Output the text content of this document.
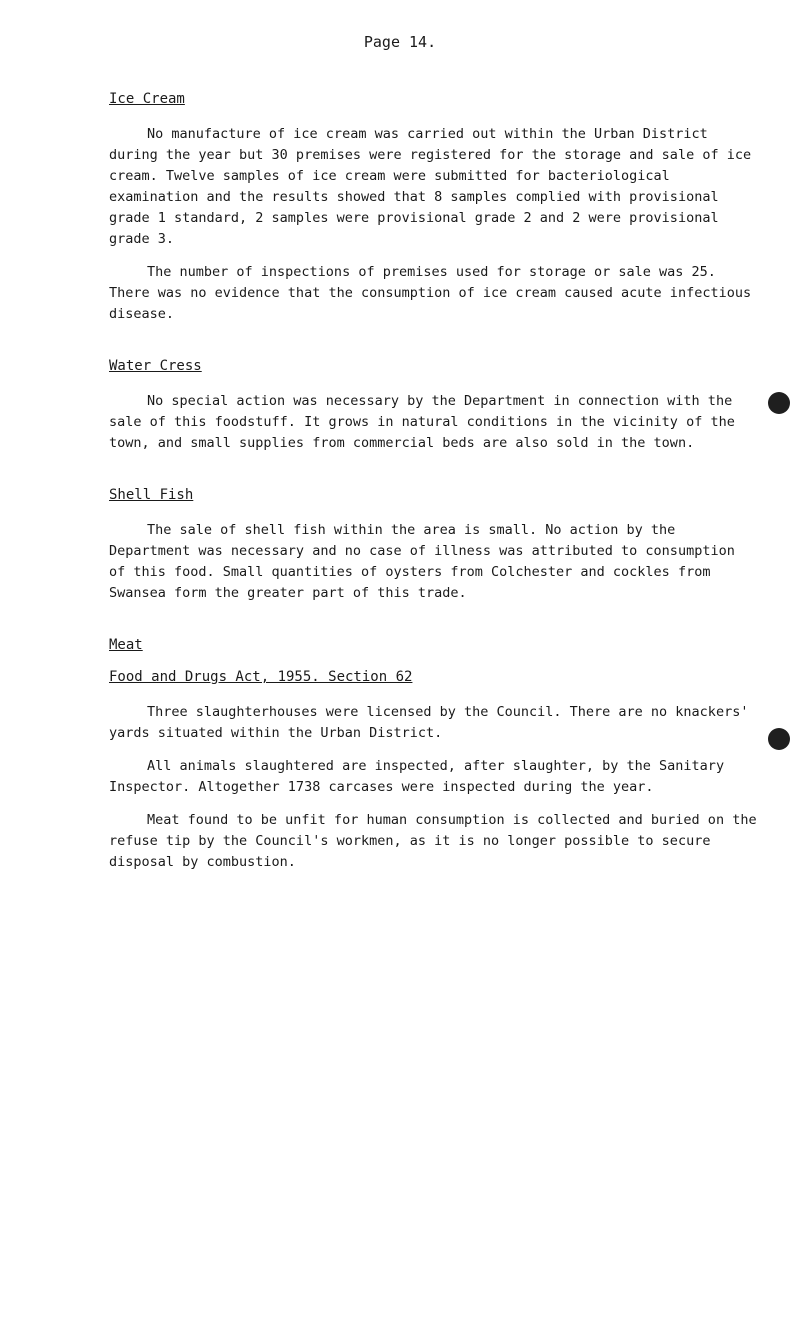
Page 14.

Ice Cream

No manufacture of ice cream was carried out within the Urban District during the year but 30 premises were registered for the storage and sale of ice cream. Twelve samples of ice cream were submitted for bacteriological examination and the results showed that 8 samples complied with provisional grade 1 standard, 2 samples were provisional grade 2 and 2 were provisional grade 3.

The number of inspections of premises used for storage or sale was 25. There was no evidence that the consumption of ice cream caused acute infectious disease.

Water Cress

No special action was necessary by the Department in connection with the sale of this foodstuff. It grows in natural conditions in the vicinity of the town, and small supplies from commercial beds are also sold in the town.

Shell Fish

The sale of shell fish within the area is small. No action by the Department was necessary and no case of illness was attributed to consumption of this food. Small quantities of oysters from Colchester and cockles from Swansea form the greater part of this trade.

Meat

Food and Drugs Act, 1955. Section 62

Three slaughterhouses were licensed by the Council. There are no knackers' yards situated within the Urban District.

All animals slaughtered are inspected, after slaughter, by the Sanitary Inspector. Altogether 1738 carcases were inspected during the year.

Meat found to be unfit for human consumption is collected and buried on the refuse tip by the Council's workmen, as it is no longer possible to secure disposal by combustion.
